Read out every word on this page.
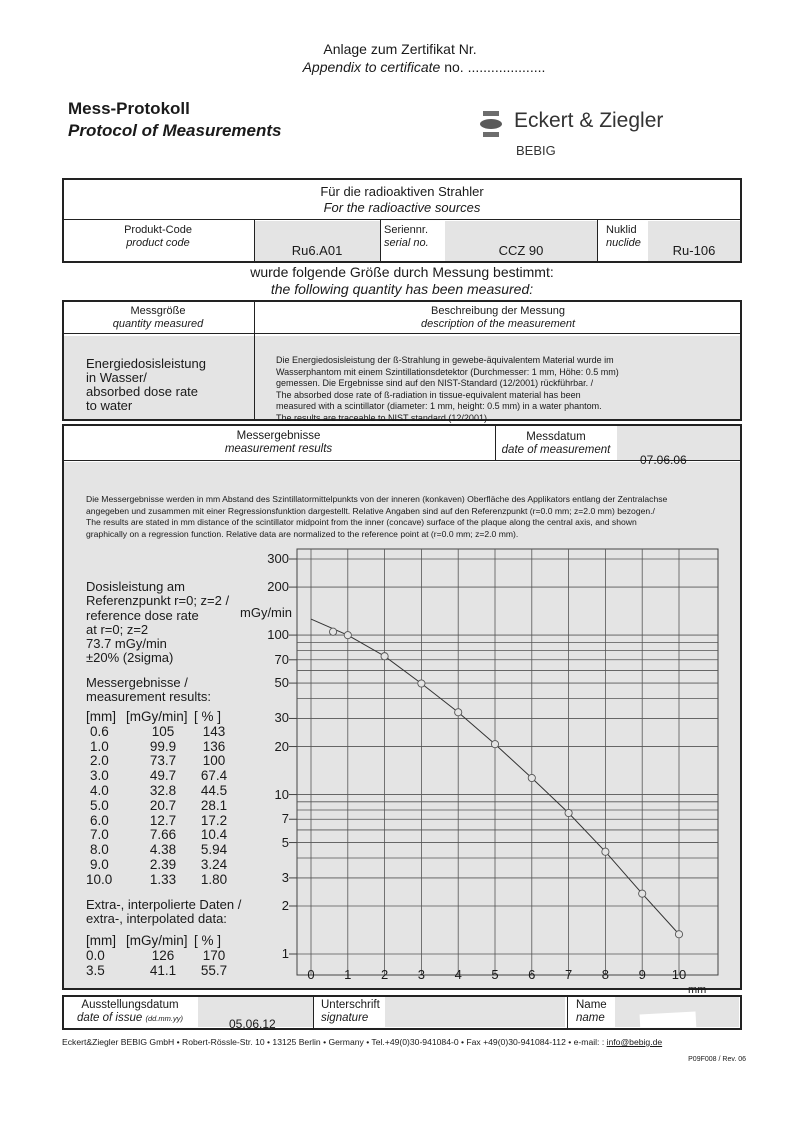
Anlage zum Zertifikat Nr.
Appendix to certificate no. ....................
Mess-Protokoll
Protocol of Measurements	Eckert & Ziegler
BEBIG
Für die radioaktiven Strahler
For the radioactive sources
Produkt-Code
product code	Ru6.A01
Seriennr.
serial no.	CCZ 90
Nuklid
nuclide	Ru-106
wurde folgende Größe durch Messung bestimmt:
the following quantity has been measured:
Messgröße
quantity measured
Beschreibung der Messung
description of the measurement
Energiedosisleistung
in Wasser/
absorbed dose rate
to water
Die Energiedosisleistung der ß-Strahlung in gewebe-äquivalentem Material wurde im
Wasserphantom mit einem Szintillationsdetektor (Durchmesser: 1 mm, Höhe: 0.5 mm)
gemessen. Die Ergebnisse sind auf den NIST-Standard (12/2001) rückführbar. /
The absorbed dose rate of ß-radiation in tissue-equivalent material has been
measured with a scintillator (diameter: 1 mm, height: 0.5 mm) in a water phantom.
The results are traceable to NIST standard (12/2001).
Messergebnisse
measurement results
Messdatum
date of measurement
07.06.06
Die Messergebnisse werden in mm Abstand des Szintillatormittelpunkts von der inneren (konkaven) Oberfläche des Applikators entlang der Zentralachse
angegeben und zusammen mit einer Regressionsfunktion dargestellt. Relative Angaben sind auf den Referenzpunkt (r=0.0 mm; z=2.0 mm) bezogen./
The results are stated in mm distance of the scintillator midpoint from the inner (concave) surface of the plaque along the central axis, and shown
graphically on a regression function. Relative data are normalized to the reference point at (r=0.0 mm; z=2.0 mm).
Dosisleistung am
Referenzpunkt r=0; z=2 /
reference dose rate
at r=0; z=2
73.7 mGy/min
±20% (2sigma)
Messergebnisse /
measurement results:
[mm] [mGy/min] [ % ]
0.6	105	143
1.0	99.9	136
2.0	73.7	100
3.0	49.7	67.4
4.0	32.8	44.5
5.0	20.7	28.1
6.0	12.7	17.2
7.0	7.66	10.4
8.0	4.38	5.94
9.0	2.39	3.24
10.0	1.33	1.80
Extra-, interpolierte Daten /
extra-, interpolated data:
[mm] [mGy/min] [ % ]
0.0	126	170
3.5	41.1	55.7
1
2
3
5
7
10
20
30
50
70
100
200
300
0	1	2	3	4	5	6	7	8	9	10
mGy/min
mm
Ausstellungsdatum
date of issue (dd.mm.yy)	05.06.12
Unterschrift
signature
Name
name
Eckert&Ziegler BEBIG GmbH • Robert-Rössle-Str. 10 • 13125 Berlin • Germany • Tel.+49(0)30-941084-0 • Fax +49(0)30-941084-112 • e-mail: : info@bebig.de
P09F008 / Rev. 06
